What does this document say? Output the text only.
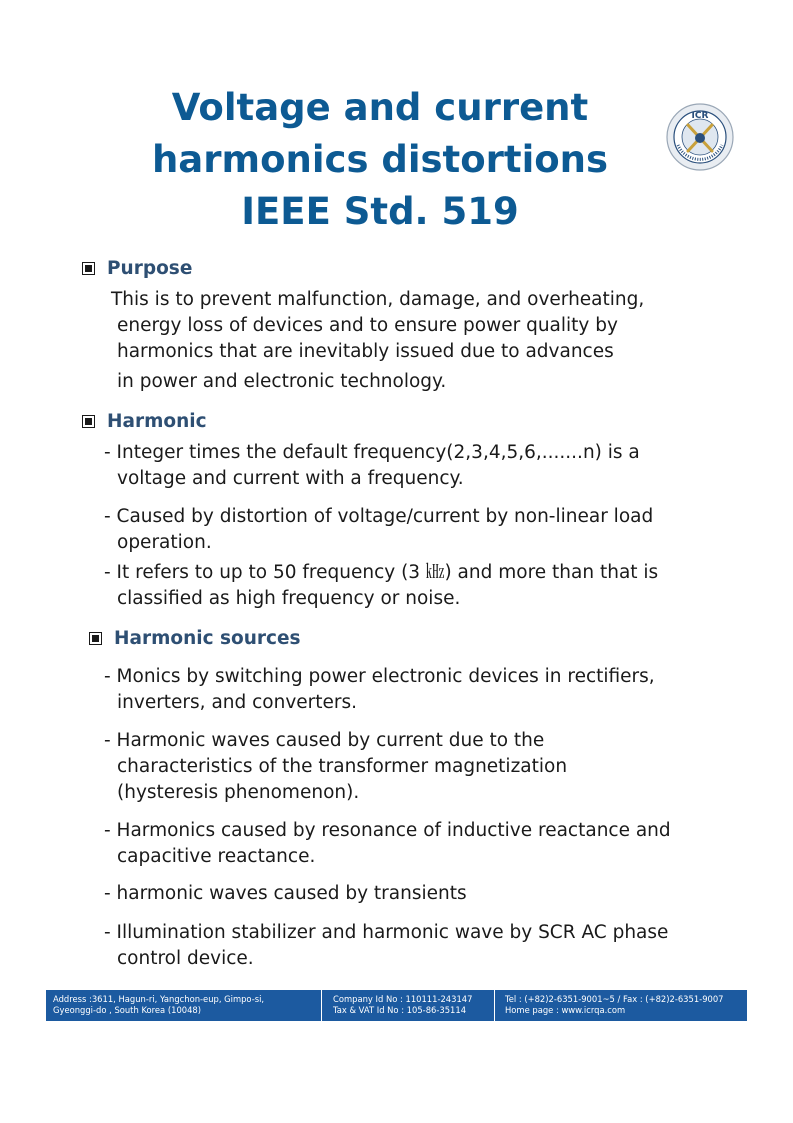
Voltage and current
harmonics distortions
IEEE Std. 519
ICR
Purpose
This is to prevent malfunction, damage, and overheating,
energy loss of devices and to ensure power quality by
harmonics that are inevitably issued due to advances
in power and electronic technology.
Harmonic
- Integer times the default frequency(2,3,4,5,6,.......n) is a
voltage and current with a frequency.
- Caused by distortion of voltage/current by non-linear load
operation.
- It refers to up to 50 frequency (3 ㎑) and more than that is
classified as high frequency or noise.
Harmonic sources
- Monics by switching power electronic devices in rectifiers,
inverters, and converters.
- Harmonic waves caused by current due to the
characteristics of the transformer magnetization
(hysteresis phenomenon).
- Harmonics caused by resonance of inductive reactance and
capacitive reactance.
- harmonic waves caused by transients
- Illumination stabilizer and harmonic wave by SCR AC phase
control device.
Address :3611, Hagun-ri, Yangchon-eup, Gimpo-si,
Gyeonggi-do , South Korea (10048)
Company Id No : 110111-243147
Tax & VAT Id No : 105-86-35114
Tel : (+82)2-6351-9001~5 / Fax : (+82)2-6351-9007
Home page : www.icrqa.com
